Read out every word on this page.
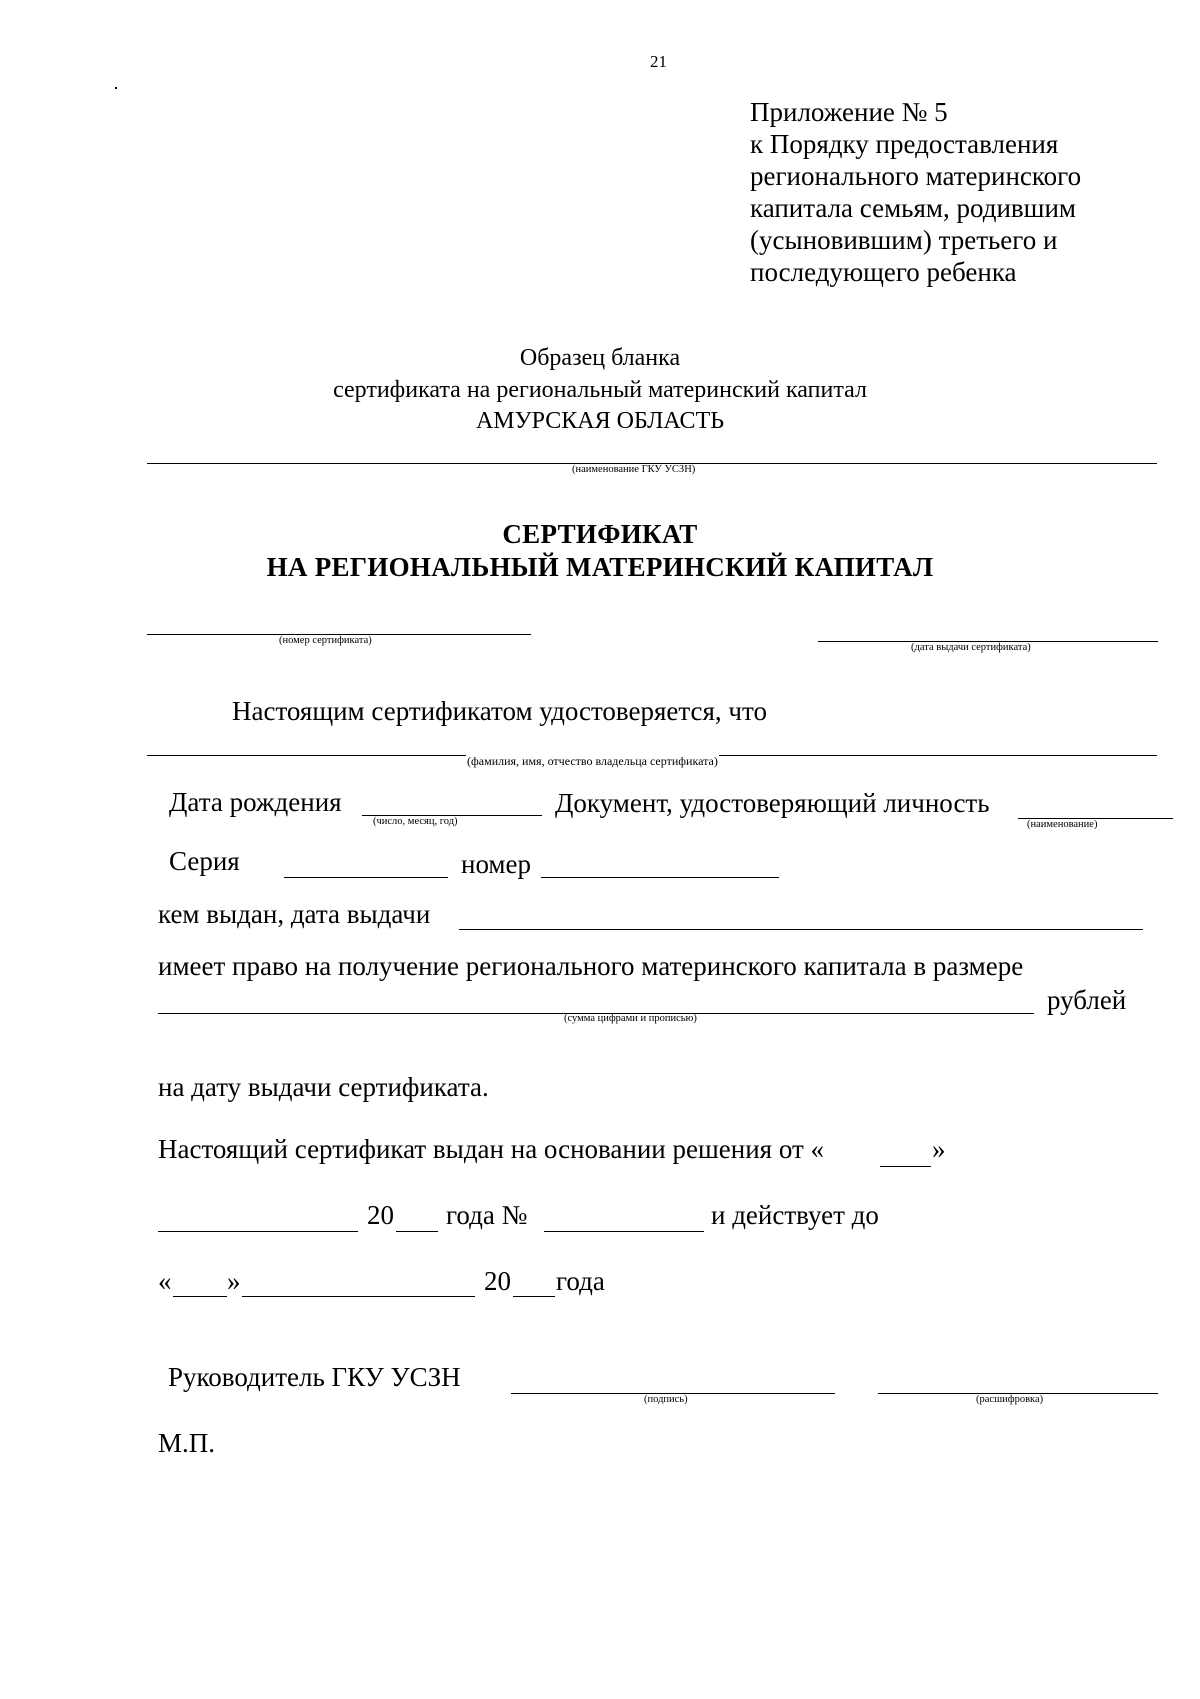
21
Приложение № 5
к Порядку предоставления
регионального материнского
капитала семьям, родившим
(усыновившим) третьего и
последующего ребенка
Образец бланка
сертификата на региональный материнский капитал
АМУРСКАЯ ОБЛАСТЬ
(наименование ГКУ УСЗН)
СЕРТИФИКАТ
НА РЕГИОНАЛЬНЫЙ МАТЕРИНСКИЙ КАПИТАЛ
(номер сертификата)
(дата выдачи сертификата)
Настоящим сертификатом удостоверяется, что
(фамилия, имя, отчество владельца сертификата)
Дата рождения
(число, месяц, год)
Документ, удостоверяющий личность
(наименование)
Серия	номер
кем выдан, дата выдачи
имеет право на получение регионального материнского капитала в размере
(сумма цифрами и прописью)
рублей
на дату выдачи сертификата.
Настоящий сертификат выдан на основании решения от «	»
20 года №	и действует до
« »	20 года
Руководитель ГКУ УСЗН
(подпись)	(расшифровка)
М.П.
